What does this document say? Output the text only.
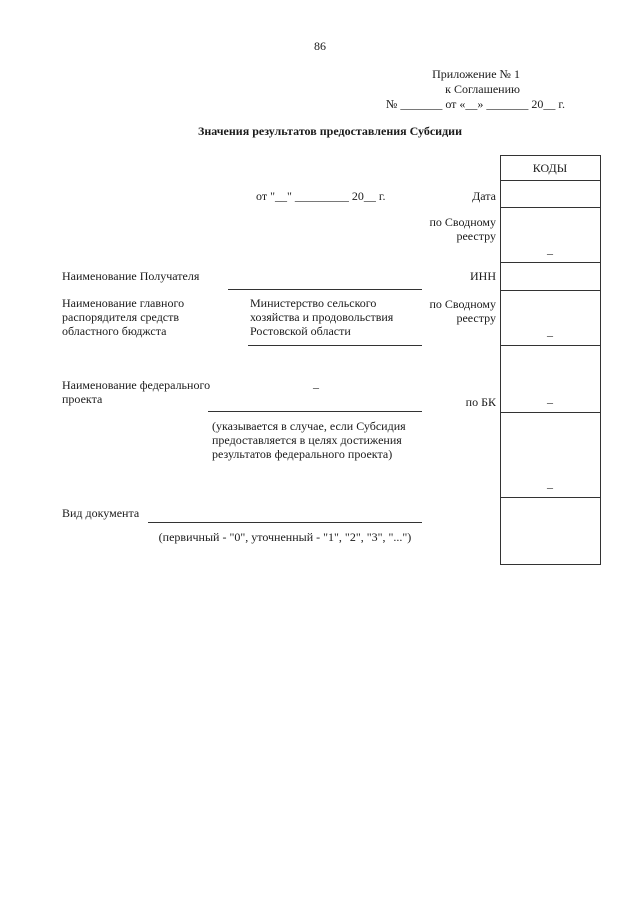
86
Приложение № 1
к Соглашению
№ _______ от «__» _______ 20__ г.
Значения результатов предоставления Субсидии
КОДЫ
–
–
–
–
Дата
по Сводному реестру
ИНН
по Сводному реестру
по БК
от "__" _________ 20__ г.
Наименование Получателя
Наименование главного распорядителя средств областного бюджста
Министерство сельского хозяйства и продовольствия Ростовской области
Наименование федерального проекта
–
(указывается в случае, если Субсидия предоставляется в целях достижения результатов федерального проекта)
Вид документа
(первичный - "0", уточненный - "1", "2", "3", "...")
